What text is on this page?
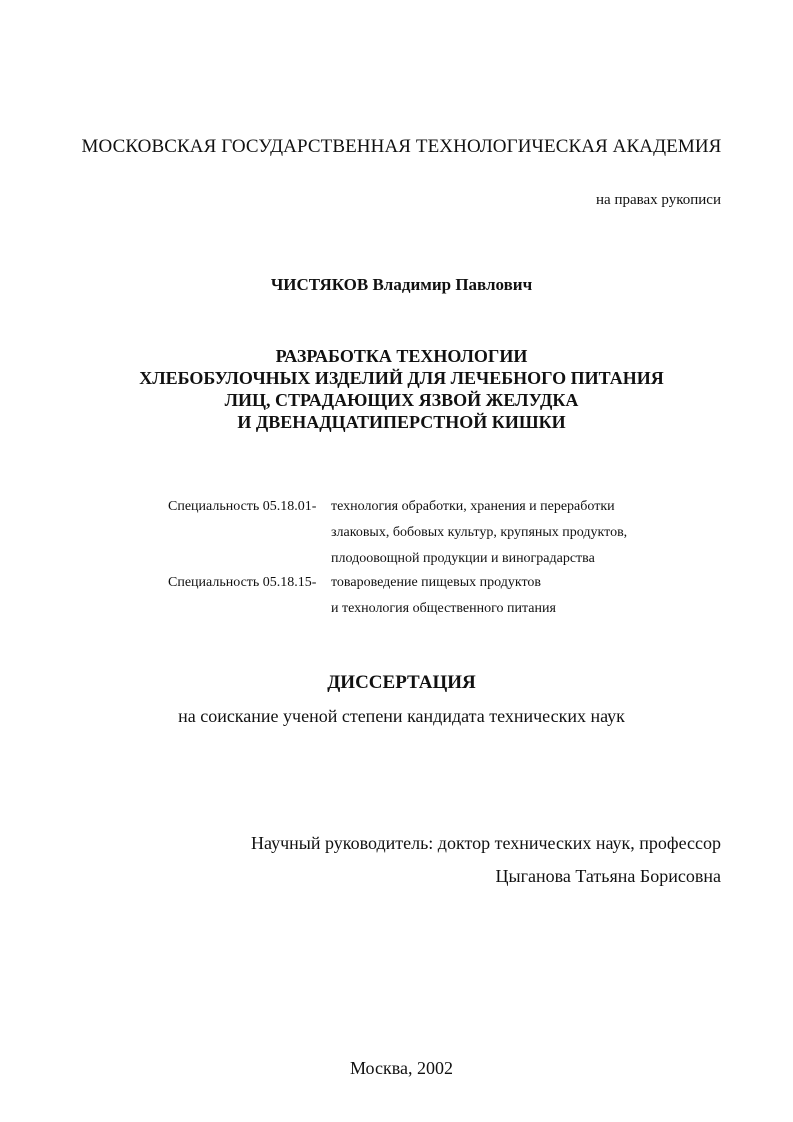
МОСКОВСКАЯ ГОСУДАРСТВЕННАЯ ТЕХНОЛОГИЧЕСКАЯ АКАДЕМИЯ
на правах рукописи
ЧИСТЯКОВ Владимир Павлович
РАЗРАБОТКА ТЕХНОЛОГИИ
ХЛЕБОБУЛОЧНЫХ ИЗДЕЛИЙ ДЛЯ ЛЕЧЕБНОГО ПИТАНИЯ
ЛИЦ, СТРАДАЮЩИХ ЯЗВОЙ ЖЕЛУДКА
И ДВЕНАДЦАТИПЕРСТНОЙ КИШКИ
Специальность 05.18.01- технология обработки, хранения и переработки
злаковых, бобовых культур, крупяных продуктов,
плодоовощной продукции и виноградарства
Специальность 05.18.15- товароведение пищевых продуктов
и технология общественного питания
ДИССЕРТАЦИЯ
на соискание ученой степени кандидата технических наук
Научный руководитель: доктор технических наук, профессор
Цыганова Татьяна Борисовна
Москва, 2002
